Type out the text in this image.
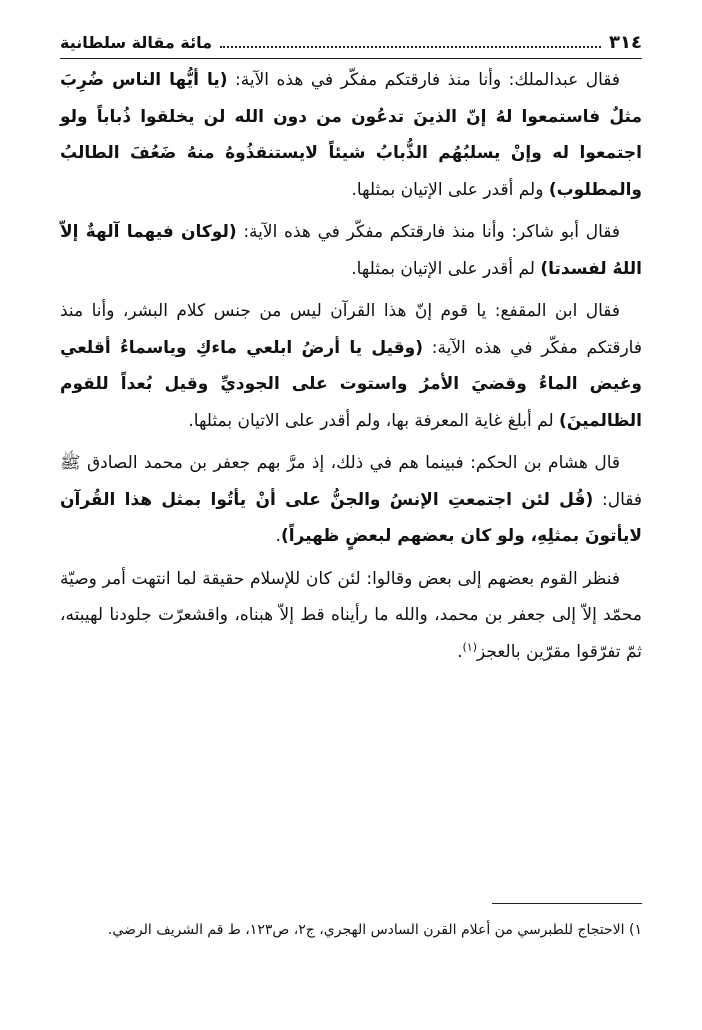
٣١٤
مائة مقالة سلطانية

فقال عبدالملك: وأنا منذ فارقتكم مفكّر في هذه الآية: (يا أيُّها الناس ضُرِبَ مثلٌ فاستمعوا لهُ إنّ الذينَ تدعُون من دون الله لن يخلقوا ذُباباً ولو اجتمعوا له وإنْ يسلبُهُم الذُّبابُ شيئاً لايستنقذُوهُ منهُ ضَعُفَ الطالبُ والمطلوب) ولم أقدر على الإتيان بمثلها.

فقال أبو شاكر: وأنا منذ فارقتكم مفكّر في هذه الآية: (لوكان فيهما آلهةٌ إلاّ اللهُ لفسدتا) لم أقدر على الإتيان بمثلها.

فقال ابن المقفع: يا قوم إنّ هذا القرآن ليس من جنس كلام البشر، وأنا منذ فارقتكم مفكّر في هذه الآية: (وقيل يا أرضُ ابلعي ماءكِ وياسماءُ أقلعي وغيض الماءُ وقضيَ الأمرُ واستوت على الجوديِّ وقيل بُعداً للقوم الظالمينَ) لم أبلغ غاية المعرفة بها، ولم أقدر على الاتيان بمثلها.

قال هشام بن الحكم: فبينما هم في ذلك، إذ مرَّ بهم جعفر بن محمد الصادق ﷺ فقال: (قُل لئن اجتمعتِ الإنسُ والجنُّ على أنْ يأتُوا بمثل هذا القُرآن لايأتونَ بمثلِهِ، ولو كان بعضهم لبعضٍ ظهيراً).

فنظر القوم بعضهم إلى بعض وقالوا: لئن كان للإسلام حقيقة لما انتهت أمر وصيّة محمّد إلاّ إلى جعفر بن محمد، والله ما رأيناه قط إلاّ هبناه، واقشعرّت جلودنا لهيبته، ثمّ تفرّقوا مقرّين بالعجز$^{(١)}$.

١) الاحتجاج للطبرسي من أعلام القرن السادس الهجري، ج٢، ص١٢٣، ط قم الشريف الرضي.
